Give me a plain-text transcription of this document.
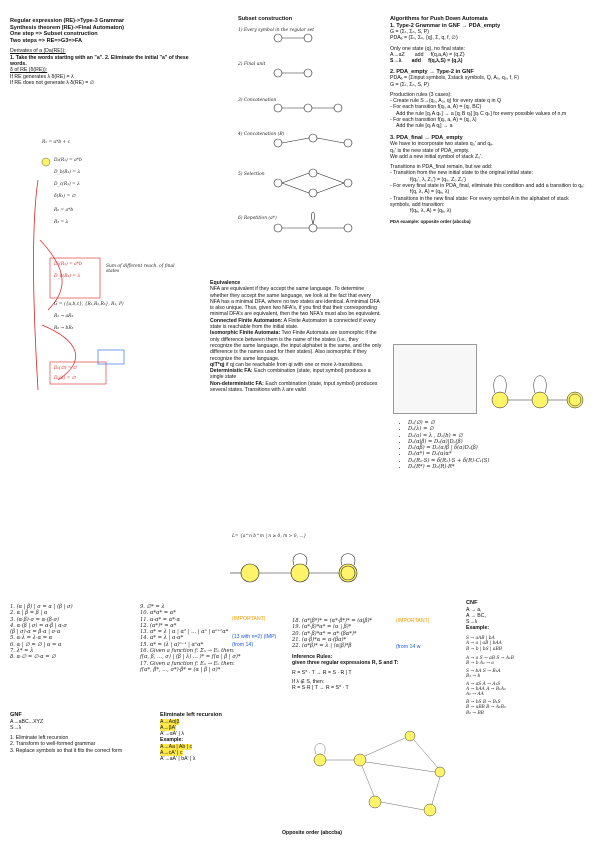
Regular expression (RE)->Type-3 Grammar

Synthesis theorem (RE)->Final Automaton)

One step => Subset construction

Two steps => RE=>G3=>FA

Derivates of a (Da(RE)):

1. Take the words starting with an "a". 2. Eliminate the initial "a" of these words.

δ of RE (δ(RE)):

If RE generates λ δ(RE) = λ

If RE does not generate λ δ(RE) = ∅

R₁ = a*b + c
Dₐ(R₁) = a*b
D_b(R₁) = λ
D_c(R₁) = λ
δ(R₁) = ∅
R₂ = a*b
R₃ = λ
Dₐ(R₂) = a*b
D_b(R₂) = λ
Sum of different reach. of final states
G = ({a,b,c}, {R₁,R₂,R₃}, R₁, P)
R₁ → aR₂
R₂ → bR₃
Dₐ(∅) = ∅
Dₐ(λ) = ∅

Subset construction

1) Every symbol in the regular set
2) Final unit
3) Concatenation
4) Concatenation (B)
5) Selection
6) Repetition (a*)

Equivalence

NFA are equivalent if they accept the same language. To determine whether they accept the same language, we look at the fact that every NFA has a minimal DFA, where no two states are identical. A minimal DFA is also unique. Thus, given two NFA's, if you find that their corresponding minimal DFA's are equivalent, then the two NFA's must also be equivalent.

Connected Finite Automaton: A Finite Automaton is connected if every state is reachable from the initial state.

Isomorphic Finite Automata: Two Finite Automata are isomorphic if the only difference between them is the name of the states (i.e., they recognize the same language, the input alphabet is the same, and the only difference is the names used for their states). Also isomorphic if they recognize the same language.

qiT*qj if qj can be reachable from qi with one or more λ-transitions.

Deterministic FA: Each combination (state, input symbol) produces a single state

Non-deterministic FA: Each combination (state, input symbol) produces several states. Transitions with λ are valid

L= {a^n b^m | n ≥ 0, m > 0, ...}

Algorithms for Push Down Automata

1. Type-2 Grammar in GNF → PDA_empty

G = (Σₜ, Σₙ, S, P)

PDAₑ = (Σₜ, Σₙ, {q}, Σ, q, f, ∅)

Only one state (q), no final state:

A→aZ add f(q,a,A) = (q,Z)

S→λ add f(q,λ,S) = (q,λ)

2. PDA_empty → Type-2 in GNF

PDAₑ = (Σinput symbols, Σstack symbols, Q, A₀, q₀, f, F)

G = (Σₜ, Σₙ, S, P)

Production rules (3 cases):

- Create rule S→(q₀, A₀, q) for every state q in Q

- For each transition f(qᵢ, a, A) = (qⱼ, BC)

Add the rule [qᵢ A qₖ] → a [qⱼ B qₗ] [qₗ C qₖ] for every possible values of n,m

- For each transition f(qᵢ, a, A) = (qⱼ, λ)

Add the rule [qᵢ A qⱼ] → a

3. PDA_final → PDA_empty

We have to incorporate two states q₀' and qₑ.

q₀' is the new state of PDA_empty.

We add a new initial symbol of stack Z₀'.

Transitions in PDA_final remain, but we add:

- Transition from the new initial state to the original initial state:

f(q₀', λ, Z₀') = (q₀, Z₀ Z₀')

- For every final state in PDA_final, eliminate this condition and add a transition to qₑ:

f(q, λ, A) = (qₑ, λ)

- Transitions in the new final state: For every symbol A in the alphabet of stack symbols, add transition:

f(qₑ, λ, A) = (qₑ, λ)

PDA example: opposite order (abccba)

• Dₐ(∅) = ∅
• Dₐ(λ) = ∅
• Dₐ(a) = λ , Dₐ(b) = ∅
• Dₐ(α|β) = Dₐ(α)|Dₐ(β)
• Dₐ(αβ) = Dₐ(α)β | δ(α)Dₐ(β)
• Dₐ(α*) = Dₐ(α)α*
• Dₐ(R₁·S) = δ(R₁)·S + δ(R)·C₁(S)
• Dₐ(R*) = Dₐ(R)·R*

1. (α | β) | σ = α | (β | σ)

2. α | β = β | α

3. (α·β)·σ = α·(β·σ)

4. α·(β | σ) = α·β | α·σ

(β | σ)·α = β·α | σ·α

5. α·λ = λ·α = α

6. α | ∅ = ∅ | α = α

7. λ* = λ

8. α·∅ = ∅·α = ∅

9. ∅* = λ

10. α*α* = α*

11. α·α* = α*·α

12. (α*)* = α*

13. α* = λ | α | α² | ... | αⁿ | αⁿ⁺¹α*

14. α* = λ | α·α*

15. α* = (λ | α)ⁿ⁻¹ | αⁿα*

16. Given a function f: Σₙ → Eₙ then:

f(α, β, ..., σ) | (β | λ) ... )* = f(α | β | σ)*

17. Given a function f: Eₙ → Eₙ then:

f(α*, β*, ..., σ*)·β* = (α | β | σ)*

(IMPORTANT)
(13 with n=2) (IMP)
(from 14)

18. (α*|β*)* = (α*·β*)* = (α|β)*

19. (α*·β)*α* = (α | β)*

20. (α*·β)*α* = α*·(βα*)*

21. (α·β)*α = α·(βα)*

22. (α*β)* = λ | (α|β)*β

(IMPORTANT)
(from 14 w

Inference Rules:

given three regular expressions R, S and T:

R = S* · T → R = S · R | T

If λ ∉ S, then:

R = S·R | T → R = S* · T

CNF

A → a,

A → BC,

S→λ

Example:

S → aAB | bA

A → a | aB | bAA

B → b | bS | aBB

A → a S → aB S → A₁B

B → b A₁ → a

S → bA S → B₁A

B₁ → b

A → aS A → A₁S

A → bAA A → B₁A₂

A₂ → AA

B → bS B → B₁S

B → aBB B → A₁B₂

B₂ → BB

GNF

A→aBC...XYZ

S→λ

1. Eliminate left recursion

2. Transform to well-formed grammar

3. Replace symbols so that it fits the correct form

Eliminate left recursion

A→Aα|β

A→βA'

A'→αA' | λ

Example:

A→Aa | Ab | c

A→cA' | c

A'→aA' | bA' | λ

Opposite order (abccba)
